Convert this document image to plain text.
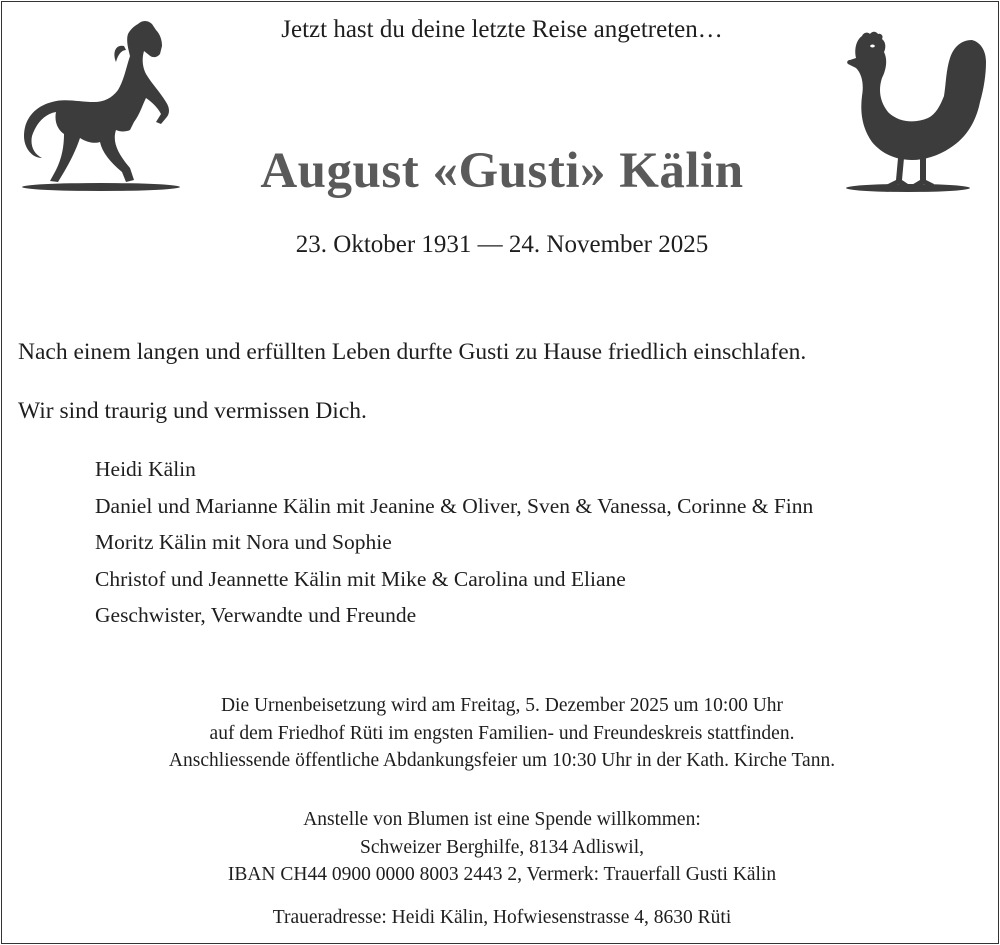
Jetzt hast du deine letzte Reise angetreten…
August «Gusti» Kälin
23. Oktober 1931 — 24. November 2025
Nach einem langen und erfüllten Leben durfte Gusti zu Hause friedlich einschlafen.
Wir sind traurig und vermissen Dich.
Heidi Kälin
Daniel und Marianne Kälin mit Jeanine & Oliver, Sven & Vanessa, Corinne & Finn
Moritz Kälin mit Nora und Sophie
Christof und Jeannette Kälin mit Mike & Carolina und Eliane
Geschwister, Verwandte und Freunde
Die Urnenbeisetzung wird am Freitag, 5. Dezember 2025 um 10:00 Uhr
auf dem Friedhof Rüti im engsten Familien- und Freundeskreis stattfinden.
Anschliessende öffentliche Abdankungsfeier um 10:30 Uhr in der Kath. Kirche Tann.
Anstelle von Blumen ist eine Spende willkommen:
Schweizer Berghilfe, 8134 Adliswil,
IBAN CH44 0900 0000 8003 2443 2, Vermerk: Trauerfall Gusti Kälin
Traueradresse: Heidi Kälin, Hofwiesenstrasse 4, 8630 Rüti
